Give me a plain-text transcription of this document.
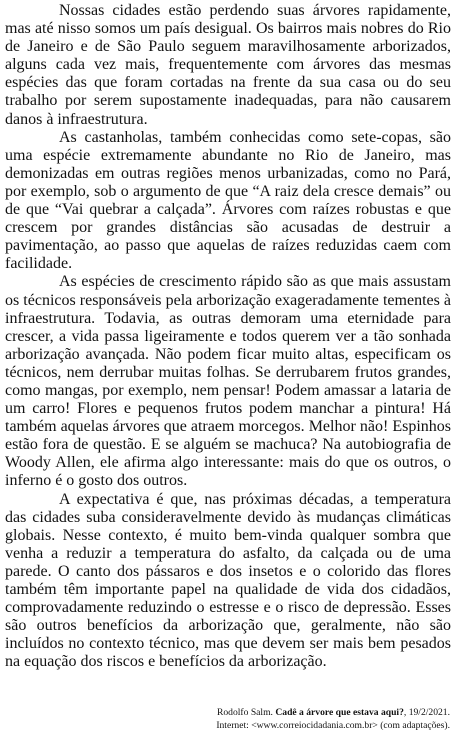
Nossas cidades estão perdendo suas árvores rapidamente, mas até nisso somos um país desigual. Os bairros mais nobres do Rio de Janeiro e de São Paulo seguem maravilhosamente arborizados, alguns cada vez mais, frequentemente com árvores das mesmas espécies das que foram cortadas na frente da sua casa ou do seu trabalho por serem supostamente inadequadas, para não causarem danos à infraestrutura.

As castanholas, também conhecidas como sete-copas, são uma espécie extremamente abundante no Rio de Janeiro, mas demonizadas em outras regiões menos urbanizadas, como no Pará, por exemplo, sob o argumento de que “A raiz dela cresce demais” ou de que “Vai quebrar a calçada”. Árvores com raízes robustas e que crescem por grandes distâncias são acusadas de destruir a pavimentação, ao passo que aquelas de raízes reduzidas caem com facilidade.

As espécies de crescimento rápido são as que mais assustam os técnicos responsáveis pela arborização exageradamente tementes à infraestrutura. Todavia, as outras demoram uma eternidade para crescer, a vida passa ligeiramente e todos querem ver a tão sonhada arborização avançada. Não podem ficar muito altas, especificam os técnicos, nem derrubar muitas folhas. Se derrubarem frutos grandes, como mangas, por exemplo, nem pensar! Podem amassar a lataria de um carro! Flores e pequenos frutos podem manchar a pintura! Há também aquelas árvores que atraem morcegos. Melhor não! Espinhos estão fora de questão. E se alguém se machuca? Na autobiografia de Woody Allen, ele afirma algo interessante: mais do que os outros, o inferno é o gosto dos outros.

A expectativa é que, nas próximas décadas, a temperatura das cidades suba consideravelmente devido às mudanças climáticas globais. Nesse contexto, é muito bem-vinda qualquer sombra que venha a reduzir a temperatura do asfalto, da calçada ou de uma parede. O canto dos pássaros e dos insetos e o colorido das flores também têm importante papel na qualidade de vida dos cidadãos, comprovadamente reduzindo o estresse e o risco de depressão. Esses são outros benefícios da arborização que, geralmente, não são incluídos no contexto técnico, mas que devem ser mais bem pesados na equação dos riscos e benefícios da arborização.

Rodolfo Salm. Cadê a árvore que estava aqui?, 19/2/2021.
Internet: <www.correiocidadania.com.br> (com adaptações).
